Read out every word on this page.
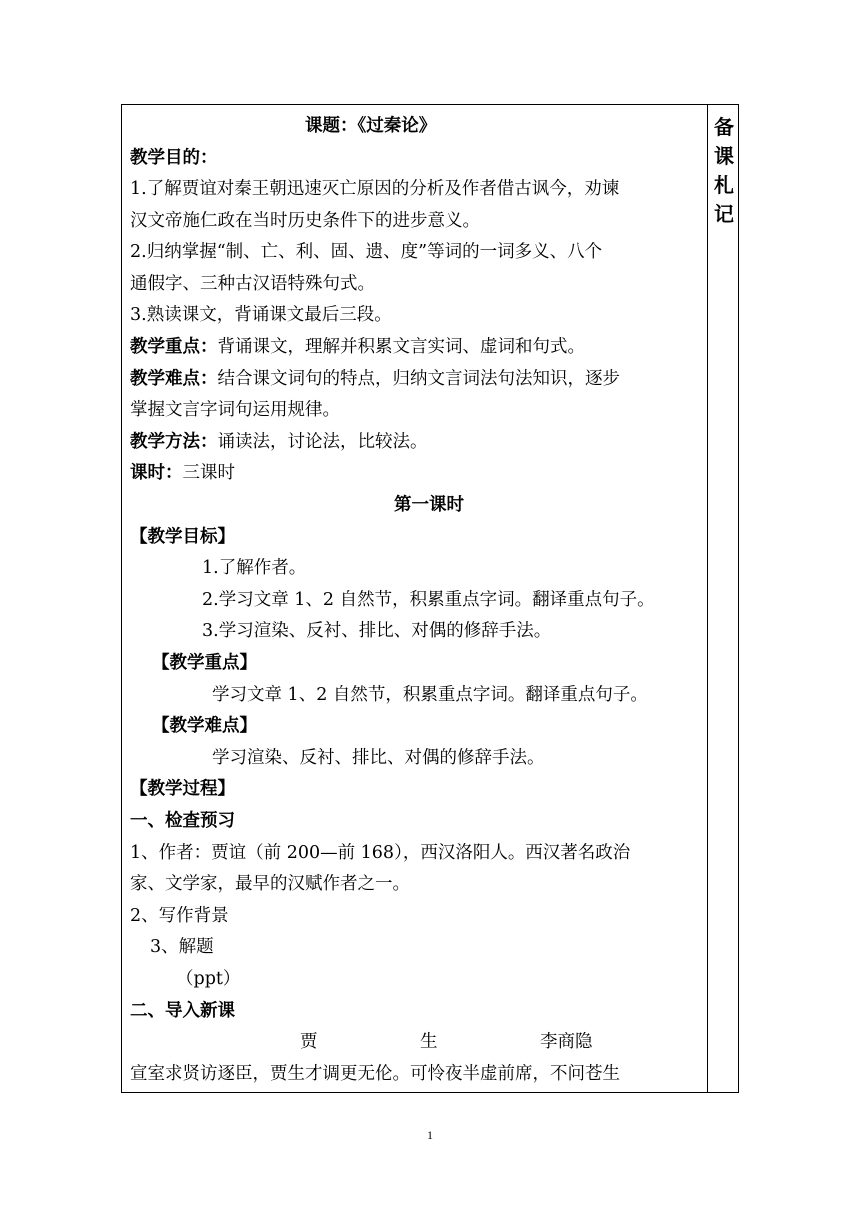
课题：《过秦论》
教学目的：
1.了解贾谊对秦王朝迅速灭亡原因的分析及作者借古讽今，劝谏
汉文帝施仁政在当时历史条件下的进步意义。
2.归纳掌握“制、亡、利、固、遗、度”等词的一词多义、八个
通假字、三种古汉语特殊句式。
3.熟读课文，背诵课文最后三段。
教学重点：背诵课文，理解并积累文言实词、虚词和句式。
教学难点：结合课文词句的特点，归纳文言词法句法知识，逐步
掌握文言字词句运用规律。
教学方法：诵读法，讨论法，比较法。
课时：三课时
第一课时
【教学目标】
1.了解作者。
2.学习文章 1、2 自然节，积累重点字词。翻译重点句子。
3.学习渲染、反衬、排比、对偶的修辞手法。
【教学重点】
学习文章 1、2 自然节，积累重点字词。翻译重点句子。
【教学难点】
学习渲染、反衬、排比、对偶的修辞手法。
【教学过程】
一、检查预习
1、作者：贾谊（前 200—前 168），西汉洛阳人。西汉著名政治
家、文学家，最早的汉赋作者之一。
2、写作背景
3、解题
（ppt）
二、导入新课
贾	生	李商隐
宣室求贤访逐臣，贾生才调更无伦。可怜夜半虚前席，不问苍生
备
课
札
记
1
